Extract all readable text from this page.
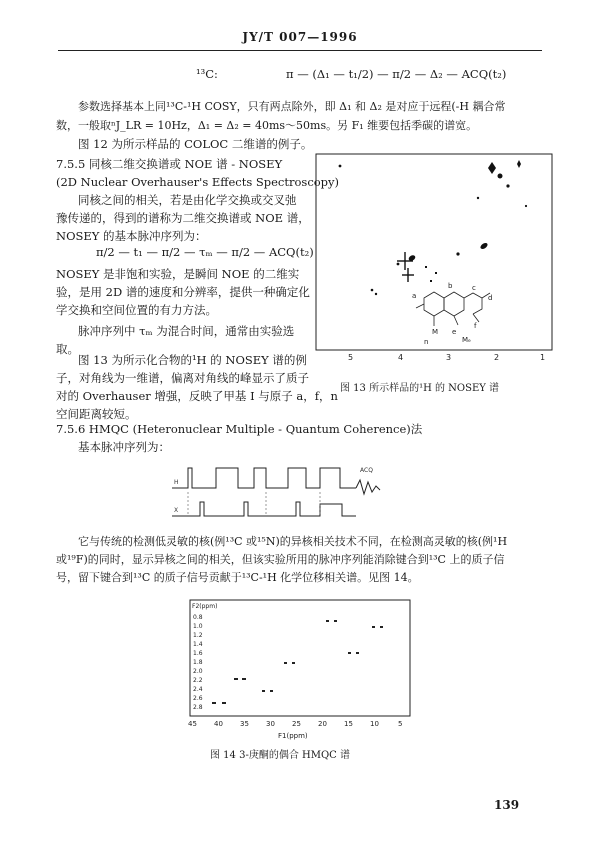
JY/T 007—1996
¹³C:	π — (Δ₁ — t₁/2) — π/2 — Δ₂ — ACQ(t₂)
参数选择基本上同¹³C-¹H COSY，只有两点除外，即 Δ₁ 和 Δ₂ 是对应于远程(-H 耦合常
数，一般取ⁿJ_LR = 10Hz，Δ₁ = Δ₂ = 40ms～50ms。另 F₁ 维要包括季碳的谱宽。
图 12 为所示样品的 COLOC 二维谱的例子。
7.5.5 同核二维交换谱或 NOE 谱 - NOSEY
(2D Nuclear Overhauser's Effects Spectroscopy)
同核之间的相关，若是由化学交换或交叉弛
豫传递的，得到的谱称为二维交换谱或 NOE 谱，
NOSEY 的基本脉冲序列为：
π/2 — t₁ — π/2 — τₘ — π/2 — ACQ(t₂)
NOSEY 是非饱和实验，是瞬间 NOE 的二维实
验，是用 2D 谱的速度和分辨率，提供一种确定化
学交换和空间位置的有力方法。
脉冲序列中 τₘ 为混合时间，通常由实验选
取。
图 13 为所示化合物的¹H 的 NOSEY 谱的例
子，对角线为一维谱，偏离对角线的峰显示了质子
对的 Overhauser 增强，反映了甲基 I 与原子 a，f，n
空间距离较短。
a
b	c
d
M e
f
n	Mₑ
5	4	3	2	1
图 13 所示样品的¹H 的 NOSEY 谱
7.5.6 HMQC (Heteronuclear Multiple - Quantum Coherence)法
基本脉冲序列为：
H
X
ACQ
它与传统的检测低灵敏的核(例¹³C 或¹⁵N)的异核相关技术不同，在检测高灵敏的核(例¹H
或¹⁹F)的同时，显示异核之间的相关，但该实验所用的脉冲序列能消除键合到¹³C 上的质子信
号，留下键合到¹³C 的质子信号贡献于¹³C-¹H 化学位移相关谱。见图 14。
F2(ppm)
0.8
1.0
1.2
1.4
1.6
1.8
2.0
2.2
2.4
2.6
2.8
45 40 35 30 25 20 15 10	5
F1(ppm)
图 14 3-庚酮的偶合 HMQC 谱
139
